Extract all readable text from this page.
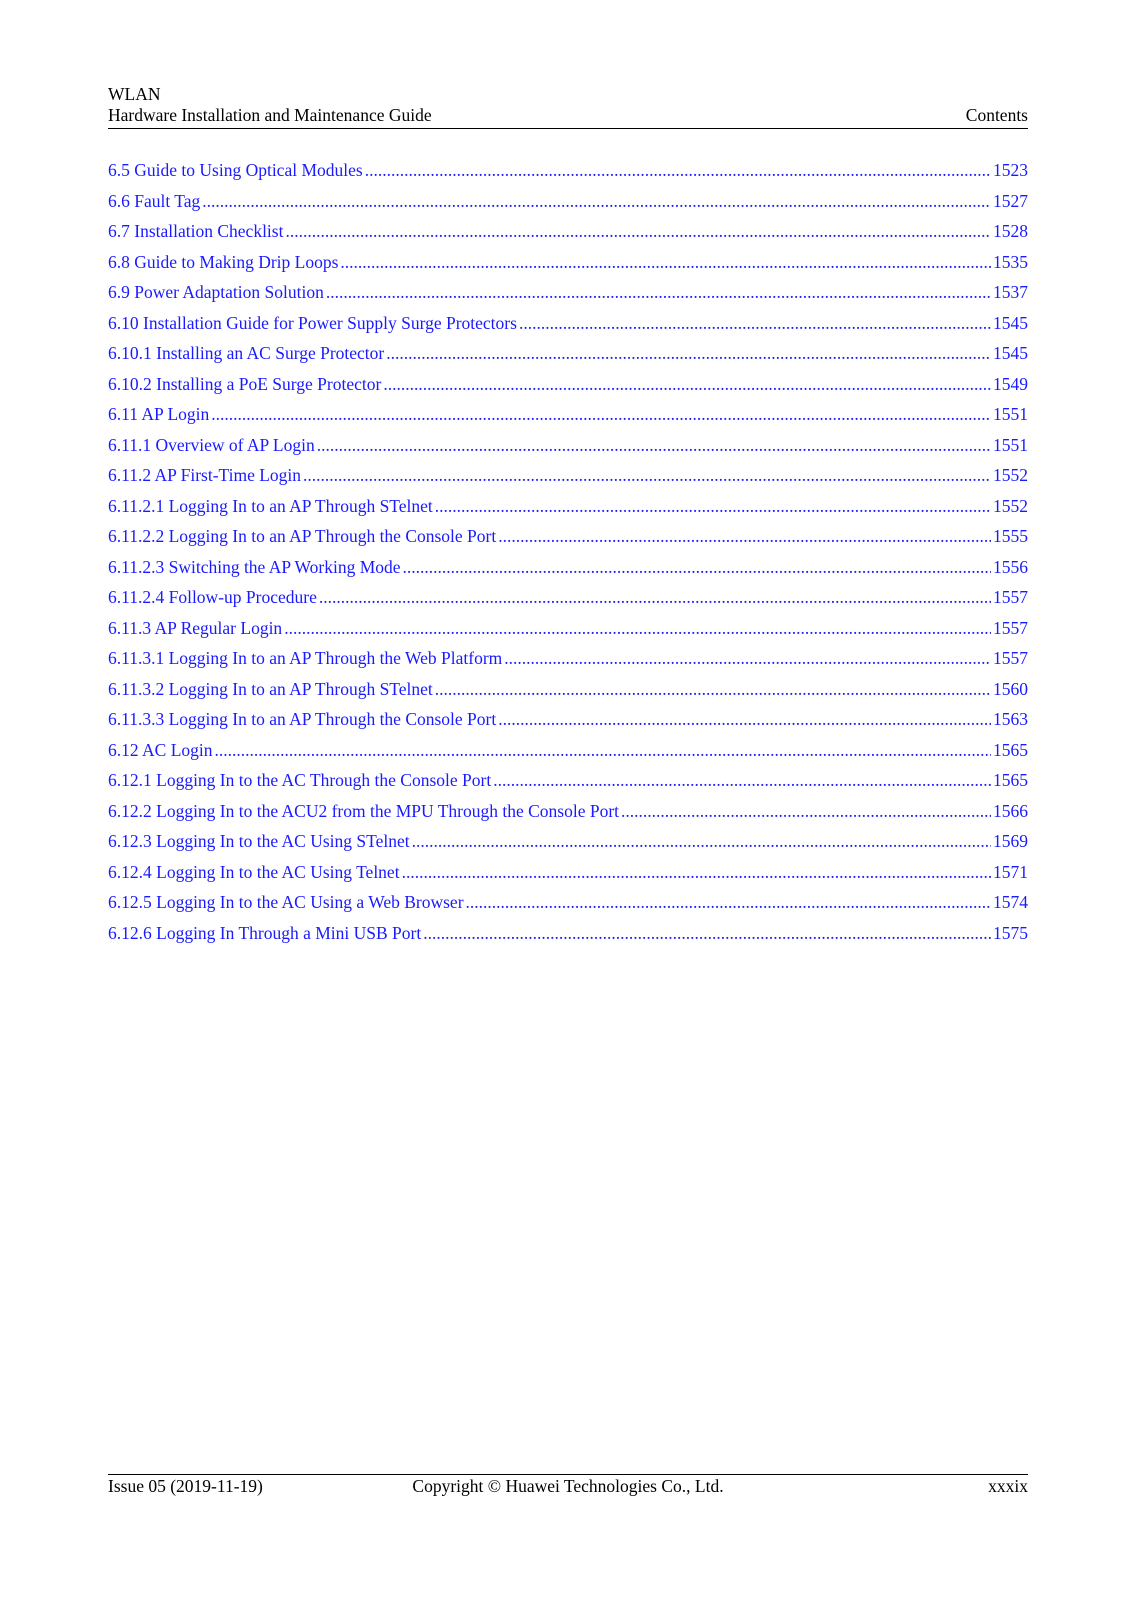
WLAN
Hardware Installation and Maintenance Guide	Contents
6.5 Guide to Using Optical Modules .....	1523
6.6 Fault Tag .....	1527
6.7 Installation Checklist .....	1528
6.8 Guide to Making Drip Loops .....	1535
6.9 Power Adaptation Solution .....	1537
6.10 Installation Guide for Power Supply Surge Protectors .....	1545
6.10.1 Installing an AC Surge Protector .....	1545
6.10.2 Installing a PoE Surge Protector .....	1549
6.11 AP Login .....	1551
6.11.1 Overview of AP Login .....	1551
6.11.2 AP First-Time Login .....	1552
6.11.2.1 Logging In to an AP Through STelnet .....	1552
6.11.2.2 Logging In to an AP Through the Console Port .....	1555
6.11.2.3 Switching the AP Working Mode .....	1556
6.11.2.4 Follow-up Procedure .....	1557
6.11.3 AP Regular Login .....	1557
6.11.3.1 Logging In to an AP Through the Web Platform .....	1557
6.11.3.2 Logging In to an AP Through STelnet .....	1560
6.11.3.3 Logging In to an AP Through the Console Port .....	1563
6.12 AC Login .....	1565
6.12.1 Logging In to the AC Through the Console Port .....	1565
6.12.2 Logging In to the ACU2 from the MPU Through the Console Port .....	1566
6.12.3 Logging In to the AC Using STelnet .....	1569
6.12.4 Logging In to the AC Using Telnet .....	1571
6.12.5 Logging In to the AC Using a Web Browser .....	1574
6.12.6 Logging In Through a Mini USB Port .....	1575
Issue 05 (2019-11-19)	xxxix
Copyright © Huawei Technologies Co., Ltd.
